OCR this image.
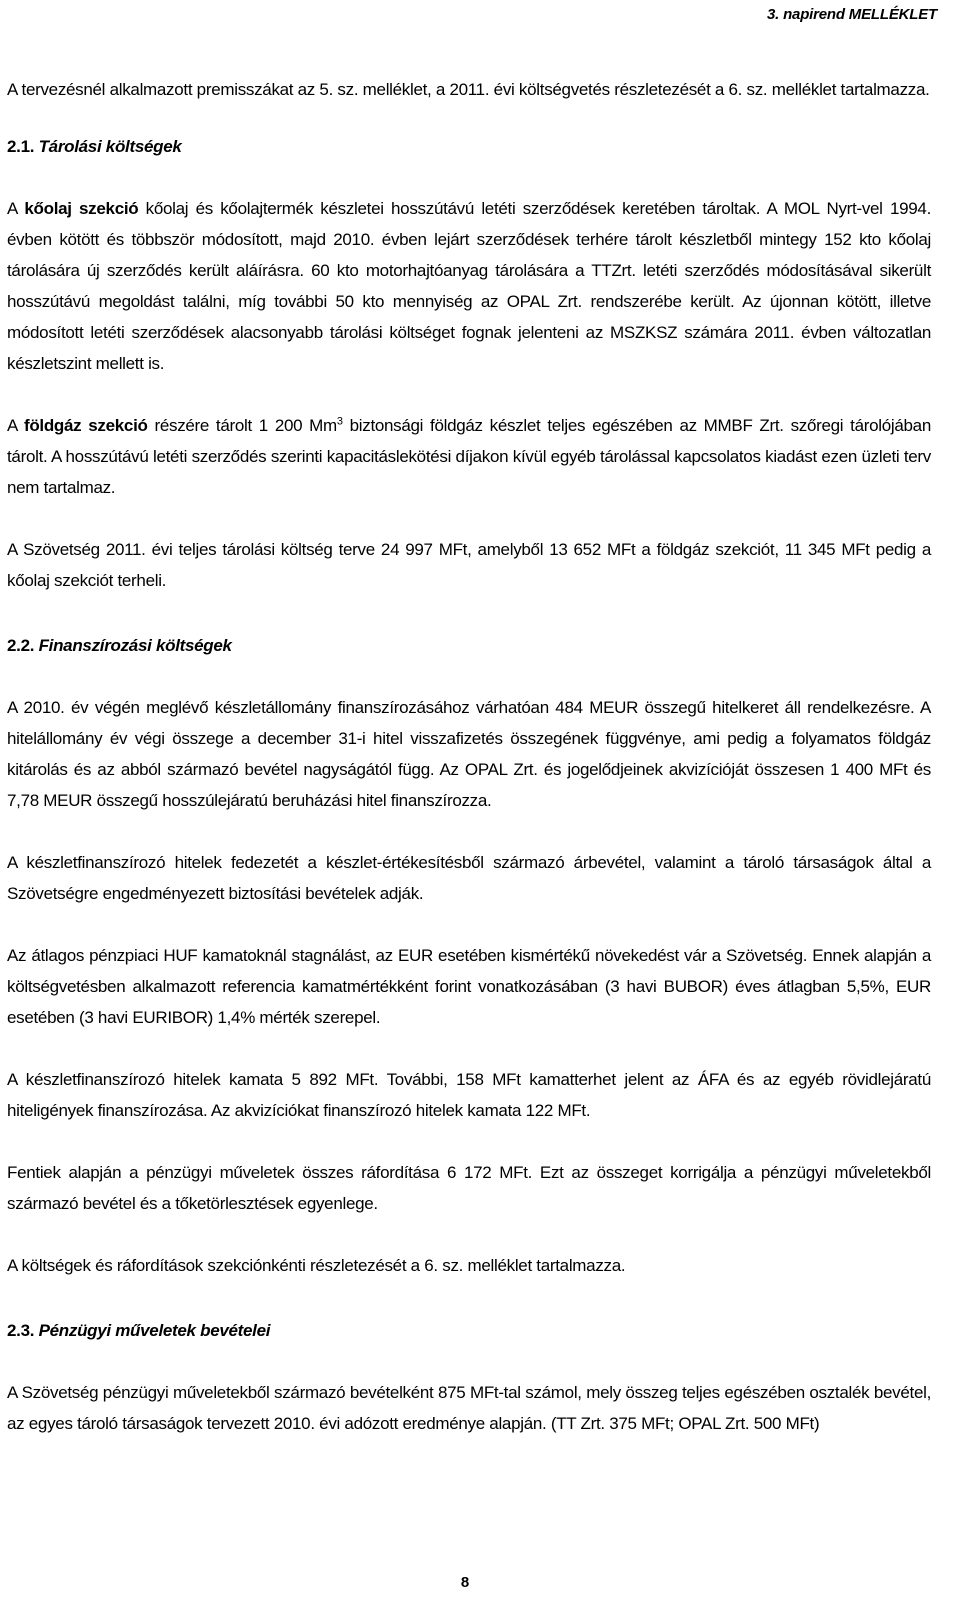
3. napirend MELLÉKLET

A tervezésnél alkalmazott premisszákat az 5. sz. melléklet, a 2011. évi költségvetés részletezését a 6. sz. melléklet tartalmazza.

2.1. Tárolási költségek

A kőolaj szekció kőolaj és kőolajtermék készletei hosszútávú letéti szerződések keretében tároltak. A MOL Nyrt-vel 1994. évben kötött és többször módosított, majd 2010. évben lejárt szerződések terhére tárolt készletből mintegy 152 kto kőolaj tárolására új szerződés került aláírásra. 60 kto motorhajtóanyag tárolására a TTZrt. letéti szerződés módosításával sikerült hosszútávú megoldást találni, míg további 50 kto mennyiség az OPAL Zrt. rendszerébe került. Az újonnan kötött, illetve módosított letéti szerződések alacsonyabb tárolási költséget fognak jelenteni az MSZKSZ számára 2011. évben változatlan készletszint mellett is.

A földgáz szekció részére tárolt 1 200 Mm$^3$ biztonsági földgáz készlet teljes egészében az MMBF Zrt. szőregi tárolójában tárolt. A hosszútávú letéti szerződés szerinti kapacitáslekötési díjakon kívül egyéb tárolással kapcsolatos kiadást ezen üzleti terv nem tartalmaz.

A Szövetség 2011. évi teljes tárolási költség terve 24 997 MFt, amelyből 13 652 MFt a földgáz szekciót, 11 345 MFt pedig a kőolaj szekciót terheli.

2.2. Finanszírozási költségek

A 2010. év végén meglévő készletállomány finanszírozásához várhatóan 484 MEUR összegű hitelkeret áll rendelkezésre. A hitelállomány év végi összege a december 31-i hitel visszafizetés összegének függvénye, ami pedig a folyamatos földgáz kitárolás és az abból származó bevétel nagyságától függ. Az OPAL Zrt. és jogelődjeinek akvizícióját összesen 1 400 MFt és 7,78 MEUR összegű hosszúlejáratú beruházási hitel finanszírozza.

A készletfinanszírozó hitelek fedezetét a készlet-értékesítésből származó árbevétel, valamint a tároló társaságok által a Szövetségre engedményezett biztosítási bevételek adják.

Az átlagos pénzpiaci HUF kamatoknál stagnálást, az EUR esetében kismértékű növekedést vár a Szövetség. Ennek alapján a költségvetésben alkalmazott referencia kamatmértékként forint vonatkozásában (3 havi BUBOR) éves átlagban 5,5%, EUR esetében (3 havi EURIBOR) 1,4% mérték szerepel.

A készletfinanszírozó hitelek kamata 5 892 MFt. További, 158 MFt kamatterhet jelent az ÁFA és az egyéb rövidlejáratú hiteligények finanszírozása. Az akvizíciókat finanszírozó hitelek kamata 122 MFt.

Fentiek alapján a pénzügyi műveletek összes ráfordítása 6 172 MFt. Ezt az összeget korrigálja a pénzügyi műveletekből származó bevétel és a tőketörlesztések egyenlege.

A költségek és ráfordítások szekciónkénti részletezését a 6. sz. melléklet tartalmazza.

2.3. Pénzügyi műveletek bevételei

A Szövetség pénzügyi műveletekből származó bevételként 875 MFt-tal számol, mely összeg teljes egészében osztalék bevétel, az egyes tároló társaságok tervezett 2010. évi adózott eredménye alapján. (TT Zrt. 375 MFt; OPAL Zrt. 500 MFt)

8
